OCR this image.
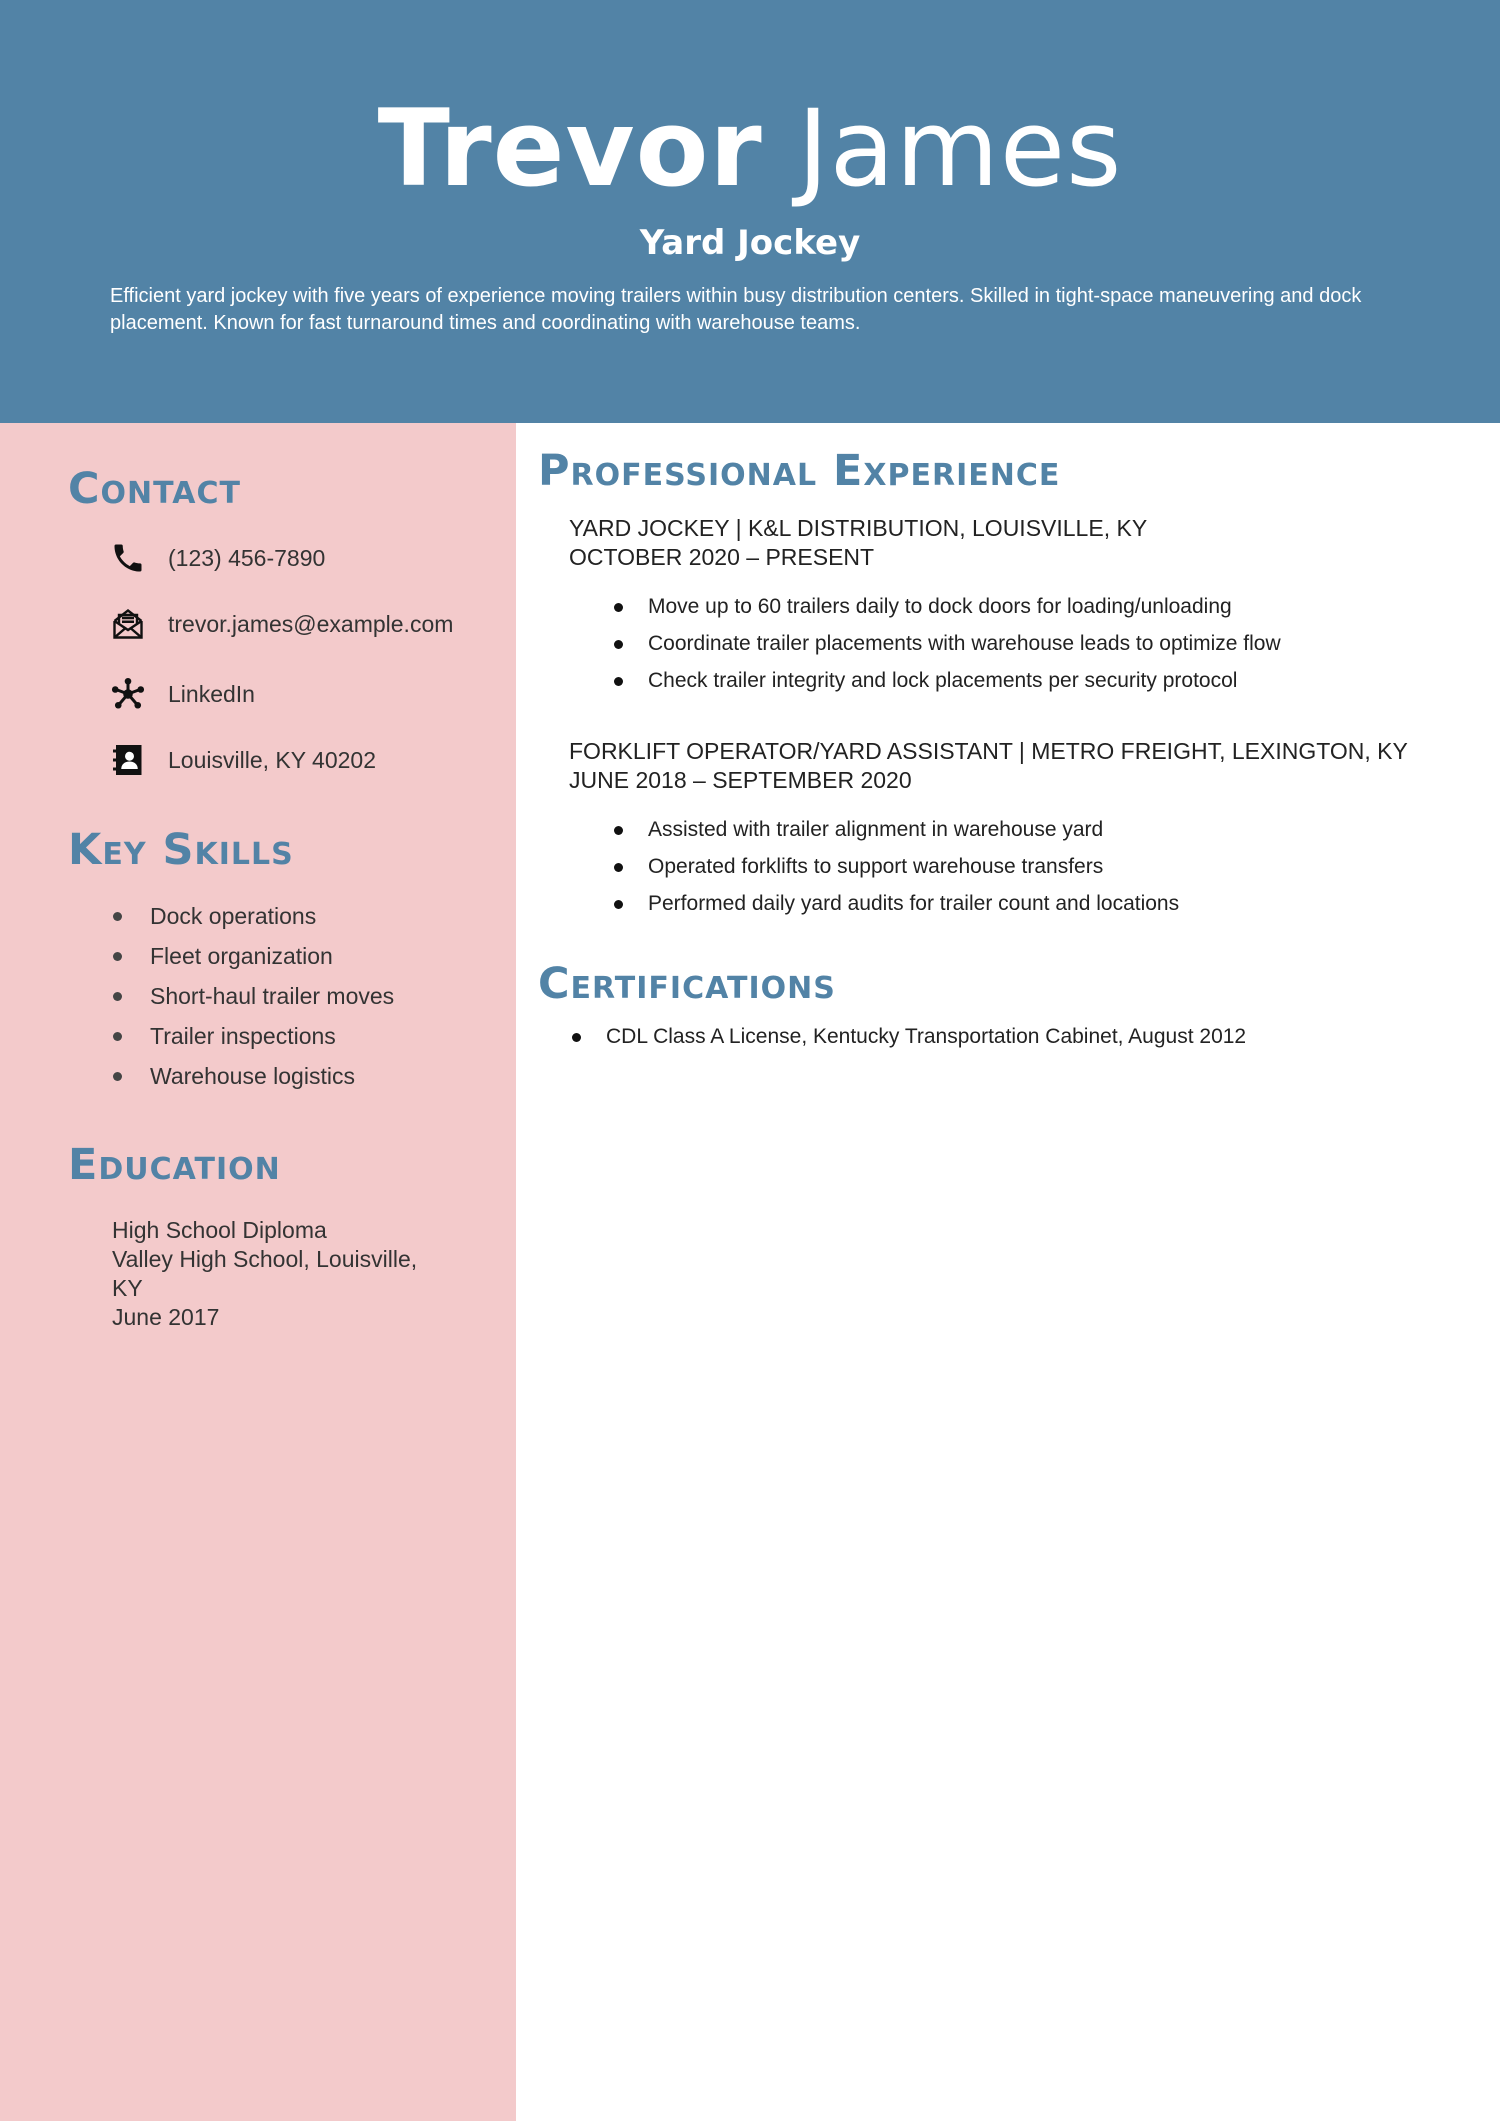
Trevor James
Yard Jockey
Efficient yard jockey with five years of experience moving trailers within busy distribution centers. Skilled in tight-space maneuvering and dock placement. Known for fast turnaround times and coordinating with warehouse teams.
Contact
(123) 456-7890
trevor.james@example.com
LinkedIn
Louisville, KY 40202
Key Skills
Dock operations
Fleet organization
Short-haul trailer moves
Trailer inspections
Warehouse logistics
Education
High School Diploma
Valley High School, Louisville, KY
June 2017
Professional Experience
YARD JOCKEY | K&L DISTRIBUTION, LOUISVILLE, KY
OCTOBER 2020 – PRESENT
Move up to 60 trailers daily to dock doors for loading/unloading
Coordinate trailer placements with warehouse leads to optimize flow
Check trailer integrity and lock placements per security protocol
FORKLIFT OPERATOR/YARD ASSISTANT | METRO FREIGHT, LEXINGTON, KY
JUNE 2018 – SEPTEMBER 2020
Assisted with trailer alignment in warehouse yard
Operated forklifts to support warehouse transfers
Performed daily yard audits for trailer count and locations
Certifications
CDL Class A License, Kentucky Transportation Cabinet, August 2012
